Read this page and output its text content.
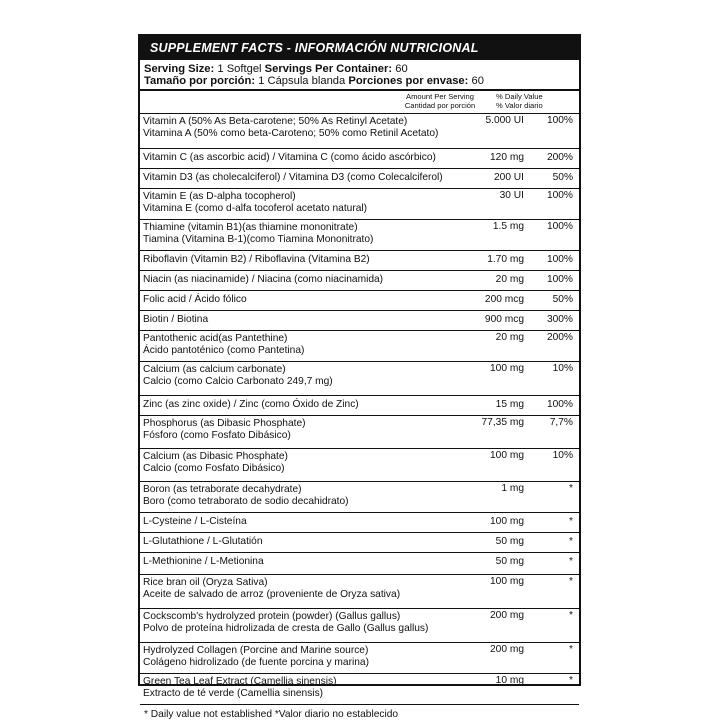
SUPPLEMENT FACTS - INFORMACIÓN NUTRICIONAL
Serving Size: 1 Softgel Servings Per Container: 60
Tamaño por porción: 1 Cápsula blanda Porciones por envase: 60
Amount Per Serving
Cantidad por porción
% Daily Value
% Valor diario
Vitamin A (50% As Beta-carotene; 50% As Retinyl Acetate)
Vitamina A (50% como beta-Caroteno; 50% como Retinil Acetato)
5.000 UI	100%
Vitamin C (as ascorbic acid) / Vitamina C (como ácido ascórbico)	120 mg	200%
Vitamin D3 (as cholecalciferol) / Vitamina D3 (como Colecalciferol)	200 UI	50%
Vitamin E (as D-alpha tocopherol)
Vitamina E (como d-alfa tocoferol acetato natural)
30 UI	100%
Thiamine (vitamin B1)(as thiamine mononitrate)
Tiamina (Vitamina B-1)(como Tiamina Mononitrato)
1.5 mg	100%
Riboflavin (Vitamin B2) / Riboflavina (Vitamina B2)	1.70 mg	100%
Niacin (as niacinamide) / Niacina (como niacinamida)	20 mg	100%
Folic acid / Ácido fólico	200 mcg	50%
Biotin / Biotina	900 mcg	300%
Pantothenic acid(as Pantethine)
Ácido pantoténico (como Pantetina)
20 mg	200%
Calcium (as calcium carbonate)
Calcio (como Calcio Carbonato 249,7 mg)
100 mg	10%
Zinc (as zinc oxide) / Zinc (como Óxido de Zinc)	15 mg	100%
Phosphorus (as Dibasic Phosphate)
Fósforo (como Fosfato Dibásico)
77,35 mg	7,7%
Calcium (as Dibasic Phosphate)
Calcio (como Fosfato Dibásico)
100 mg	10%
Boron (as tetraborate decahydrate)
Boro (como tetraborato de sodio decahidrato)
1 mg	*
L-Cysteine / L-Cisteína	100 mg	*
L-Glutathione / L-Glutatión	50 mg	*
L-Methionine / L-Metionina	50 mg	*
Rice bran oil (Oryza Sativa)
Aceite de salvado de arroz (proveniente de Oryza sativa)
100 mg	*
Cockscomb's hydrolyzed protein (powder) (Gallus gallus)
Polvo de proteína hidrolizada de cresta de Gallo (Gallus gallus)
200 mg	*
Hydrolyzed Collagen (Porcine and Marine source)
Colágeno hidrolizado (de fuente porcina y marina)
200 mg	*
Green Tea Leaf Extract (Camellia sinensis)
Extracto de té verde (Camellia sinensis)
10 mg	*
* Daily value not established *Valor diario no establecido
